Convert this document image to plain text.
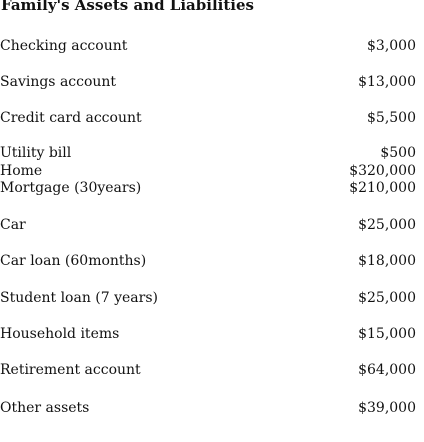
Family's Assets and Liabilities
Checking account	$3,000
Savings account	$13,000
Credit card account	$5,500
Utility bill	$500
Home	$320,000
Mortgage (30years)	$210,000
Car	$25,000
Car loan (60months)	$18,000
Student loan (7 years)	$25,000
Household items	$15,000
Retirement account	$64,000
Other assets	$39,000
